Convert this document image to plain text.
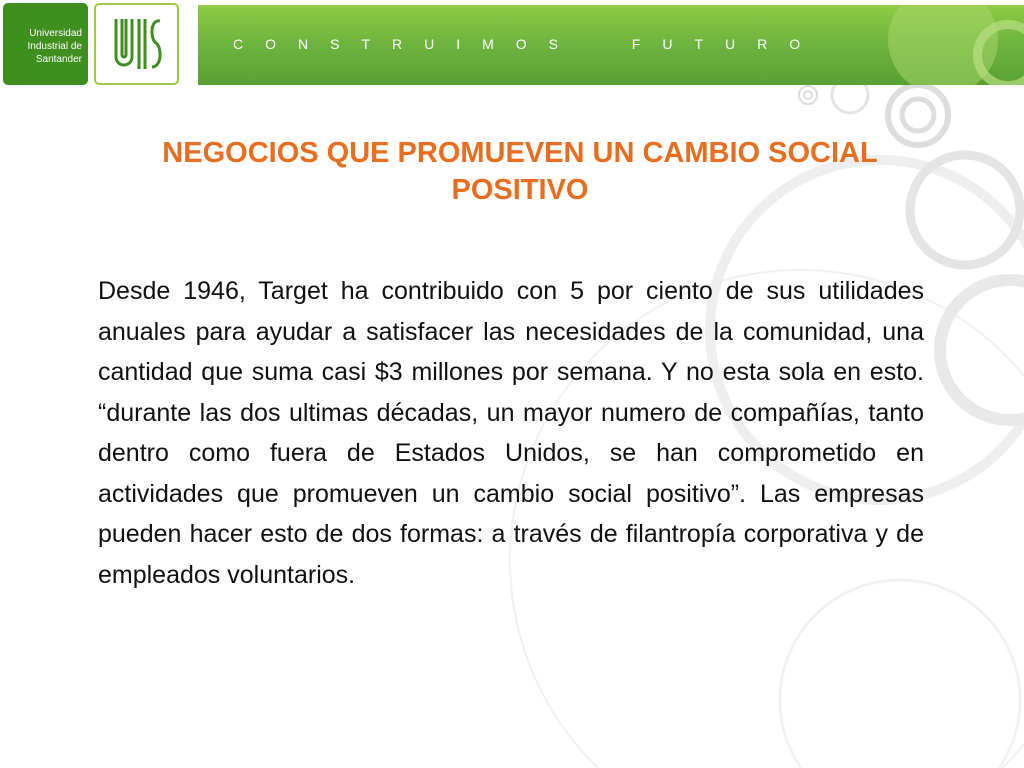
Universidad
Industrial de
Santander
CONSTRUIMOS  FUTURO
NEGOCIOS QUE PROMUEVEN UN CAMBIO SOCIAL POSITIVO
Desde 1946, Target ha contribuido con 5 por ciento de sus utilidades anuales para ayudar a satisfacer las necesidades de la comunidad, una cantidad que suma casi $3 millones por semana. Y no esta sola en esto. “durante las dos ultimas décadas, un mayor numero de compañías, tanto dentro como fuera de Estados Unidos, se han comprometido en actividades que promueven un cambio social positivo”. Las empresas pueden hacer esto de dos formas: a través de filantropía corporativa y de empleados voluntarios.
